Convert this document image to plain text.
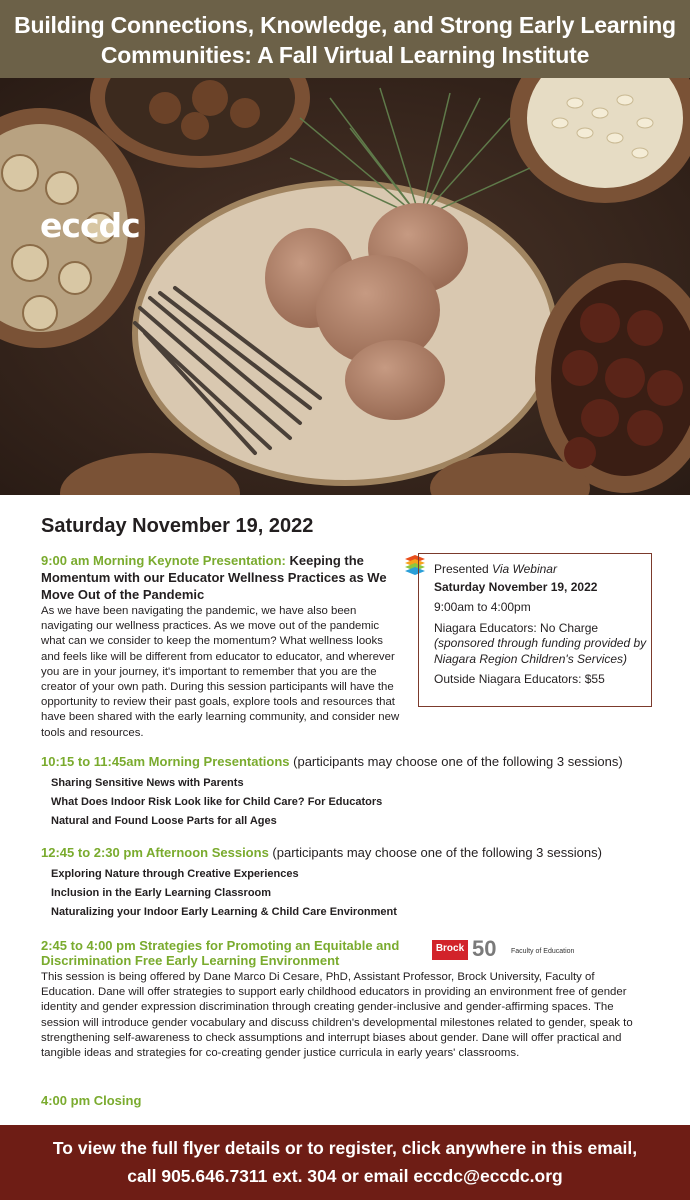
Building Connections, Knowledge, and Strong Early Learning
Communities: A Fall Virtual Learning Institute
eccdc
Saturday November 19, 2022
9:00 am Morning Keynote Presentation: Keeping the Momentum with our Educator Wellness Practices as We Move Out of the Pandemic
As we have been navigating the pandemic, we have also been navigating our wellness practices. As we move out of the pandemic what can we consider to keep the momentum? What wellness looks and feels like will be different from educator to educator, and wherever you are in your journey, it's important to remember that you are the creator of your own path. During this session participants will have the opportunity to review their past goals, explore tools and resources that have been shared with the early learning community, and consider new tools and resources.
Presented Via Webinar
Saturday November 19, 2022
9:00am to 4:00pm
Niagara Educators: No Charge
(sponsored through funding provided by Niagara Region Children's Services)
Outside Niagara Educators: $55
10:15 to 11:45am Morning Presentations (participants may choose one of the following 3 sessions)
Sharing Sensitive News with Parents
What Does Indoor Risk Look like for Child Care? For Educators
Natural and Found Loose Parts for all Ages
12:45 to 2:30 pm Afternoon Sessions (participants may choose one of the following 3 sessions)
Exploring Nature through Creative Experiences
Inclusion in the Early Learning Classroom
Naturalizing your Indoor Early Learning & Child Care Environment
2:45 to 4:00 pm Strategies for Promoting an Equitable and Discrimination Free Early Learning Environment
This session is being offered by Dane Marco Di Cesare, PhD, Assistant Professor, Brock University, Faculty of Education. Dane will offer strategies to support early childhood educators in providing an environment free of gender identity and gender expression discrimination through creating gender-inclusive and gender-affirming spaces. The session will introduce gender vocabulary and discuss children's developmental milestones related to gender, speak to strengthening self-awareness to check assumptions and interrupt biases about gender. Dane will offer practical and tangible ideas and strategies for co-creating gender justice curricula in early years' classrooms.
Brock 50 Faculty of Education
4:00 pm Closing
To view the full flyer details or to register, click anywhere in this email,
call 905.646.7311 ext. 304 or email eccdc@eccdc.org
